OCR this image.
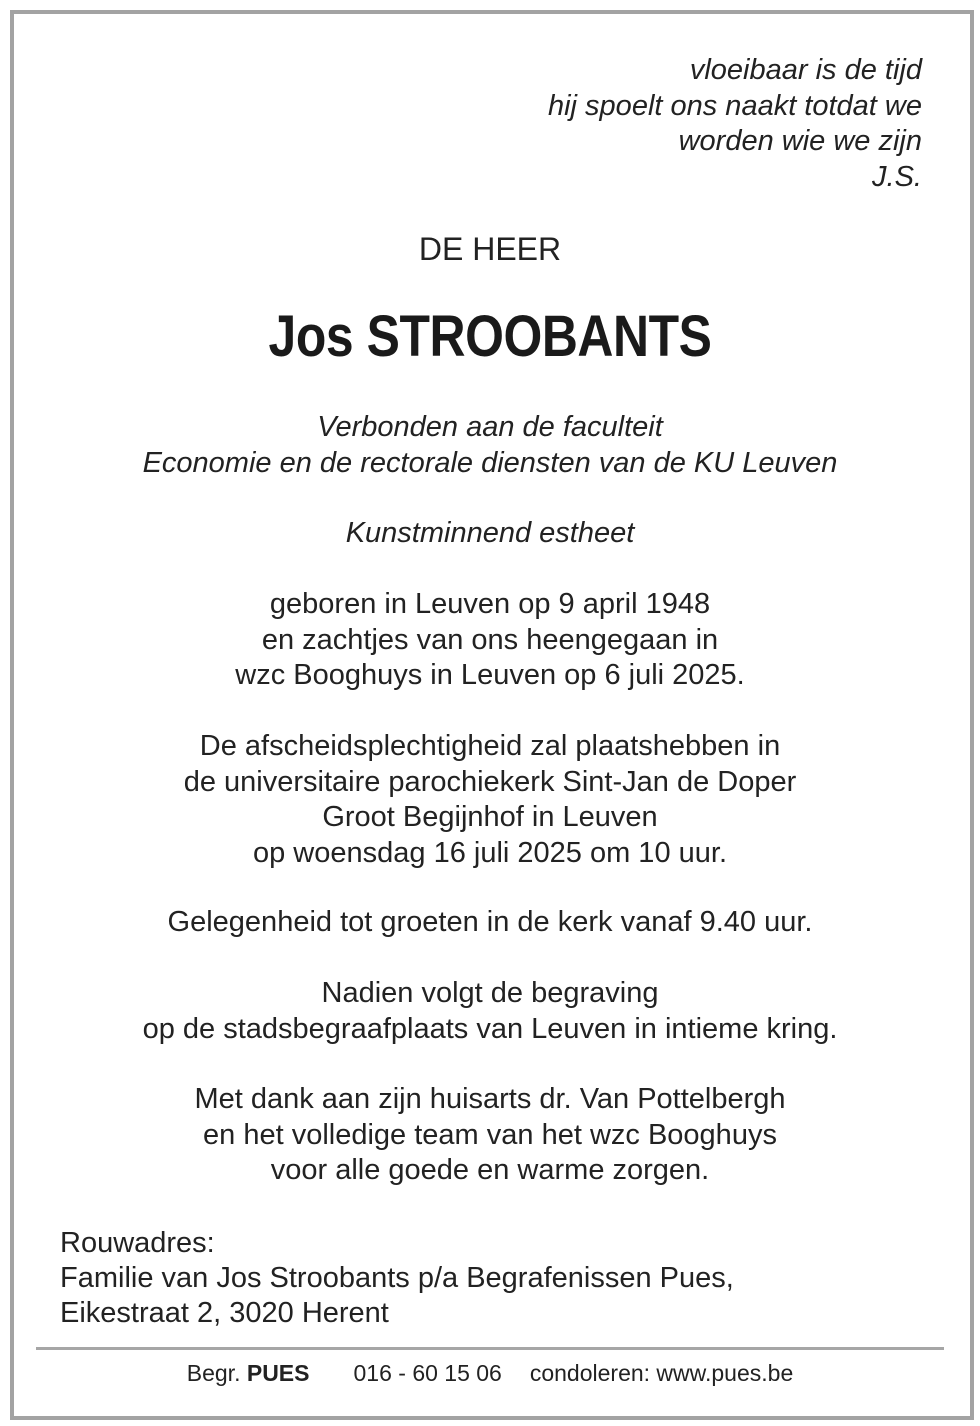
vloeibaar is de tijd
hij spoelt ons naakt totdat we
worden wie we zijn
J.S.
DE HEER
Jos STROOBANTS
Verbonden aan de faculteit
Economie en de rectorale diensten van de KU Leuven
Kunstminnend estheet
geboren in Leuven op 9 april 1948
en zachtjes van ons heengegaan in
wzc Booghuys in Leuven op 6 juli 2025.
De afscheidsplechtigheid zal plaatshebben in
de universitaire parochiekerk Sint-Jan de Doper
Groot Begijnhof in Leuven
op woensdag 16 juli 2025 om 10 uur.
Gelegenheid tot groeten in de kerk vanaf 9.40 uur.
Nadien volgt de begraving
op de stadsbegraafplaats van Leuven in intieme kring.
Met dank aan zijn huisarts dr. Van Pottelbergh
en het volledige team van het wzc Booghuys
voor alle goede en warme zorgen.
Rouwadres:
Familie van Jos Stroobants p/a Begrafenissen Pues,
Eikestraat 2, 3020 Herent
Begr. PUES 016 - 60 15 06 condoleren: www.pues.be
